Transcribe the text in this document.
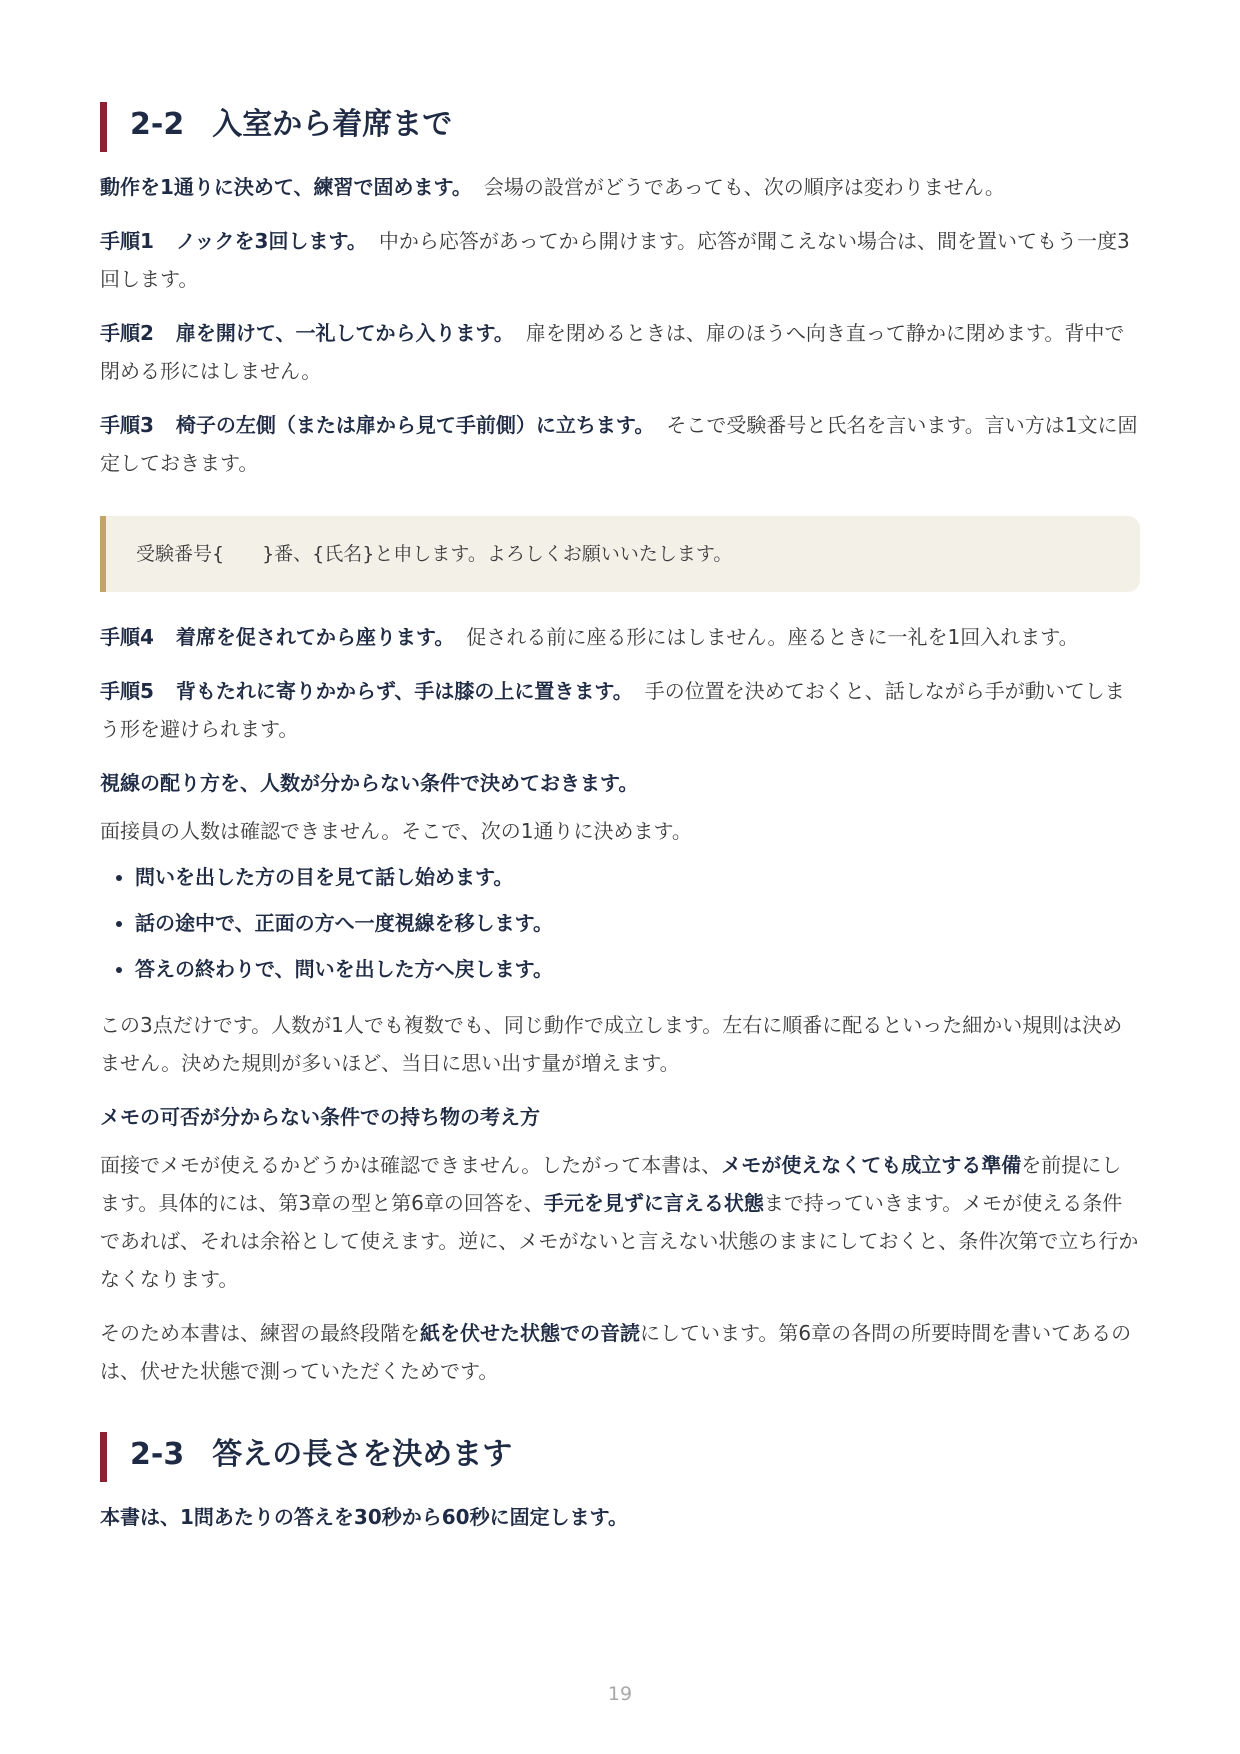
2-2 入室から着席まで

動作を1通りに決めて、練習で固めます。 会場の設営がどうであっても、次の順序は変わりません。

手順1 ノックを3回します。 中から応答があってから開けます。応答が聞こえない場合は、間を置いてもう一度3回します。

手順2 扉を開けて、一礼してから入ります。 扉を閉めるときは、扉のほうへ向き直って静かに閉めます。背中で閉める形にはしません。

手順3 椅子の左側（または扉から見て手前側）に立ちます。 そこで受験番号と氏名を言います。言い方は1文に固定しておきます。

受験番号{　　}番、{氏名}と申します。よろしくお願いいたします。

手順4 着席を促されてから座ります。 促される前に座る形にはしません。座るときに一礼を1回入れます。

手順5 背もたれに寄りかからず、手は膝の上に置きます。 手の位置を決めておくと、話しながら手が動いてしまう形を避けられます。

視線の配り方を、人数が分からない条件で決めておきます。

面接員の人数は確認できません。そこで、次の1通りに決めます。

• 問いを出した方の目を見て話し始めます。
• 話の途中で、正面の方へ一度視線を移します。
• 答えの終わりで、問いを出した方へ戻します。

この3点だけです。人数が1人でも複数でも、同じ動作で成立します。左右に順番に配るといった細かい規則は決めません。決めた規則が多いほど、当日に思い出す量が増えます。

メモの可否が分からない条件での持ち物の考え方

面接でメモが使えるかどうかは確認できません。したがって本書は、メモが使えなくても成立する準備を前提にします。具体的には、第3章の型と第6章の回答を、手元を見ずに言える状態まで持っていきます。メモが使える条件であれば、それは余裕として使えます。逆に、メモがないと言えない状態のままにしておくと、条件次第で立ち行かなくなります。

そのため本書は、練習の最終段階を紙を伏せた状態での音読にしています。第6章の各問の所要時間を書いてあるのは、伏せた状態で測っていただくためです。

2-3 答えの長さを決めます

本書は、1問あたりの答えを30秒から60秒に固定します。

19
